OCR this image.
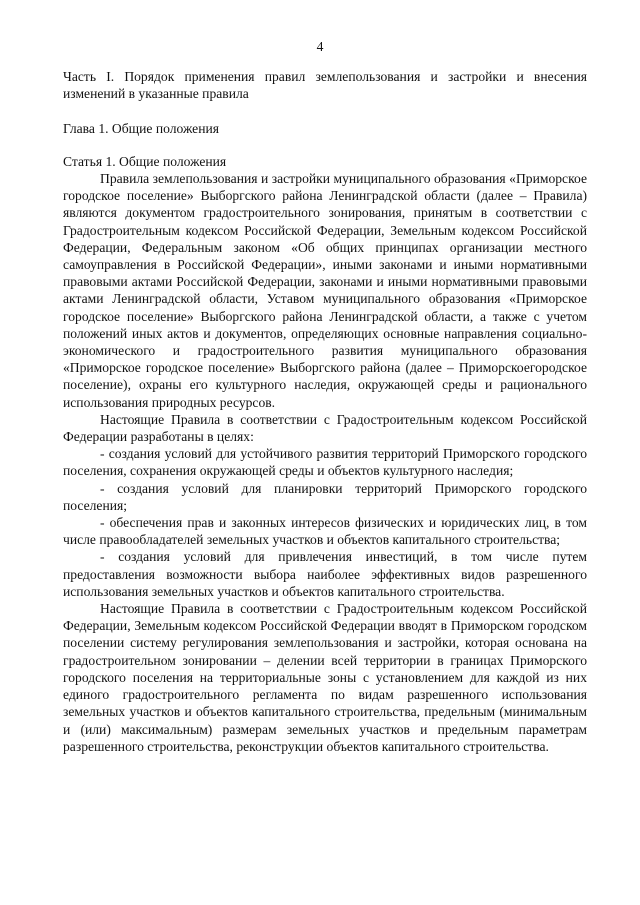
4
Часть I. Порядок применения правил землепользования и застройки и внесения изменений в указанные правила
Глава 1. Общие положения
Статья 1. Общие положения

Правила землепользования и застройки муниципального образования «Приморское городское поселение» Выборгского района Ленинградской области (далее – Правила) являются документом градостроительного зонирования, принятым в соответствии с Градостроительным кодексом Российской Федерации, Земельным кодексом Российской Федерации, Федеральным законом «Об общих принципах организации местного самоуправления в Российской Федерации», иными законами и иными нормативными правовыми актами Российской Федерации, законами и иными нормативными правовыми актами Ленинградской области, Уставом муниципального образования «Приморское городское поселение» Выборгского района Ленинградской области, а также с учетом положений иных актов и документов, определяющих основные направления социально-экономического и градостроительного развития муниципального образования «Приморское городское поселение» Выборгского района (далее – Приморскоегородское поселение), охраны его культурного наследия, окружающей среды и рационального использования природных ресурсов.

Настоящие Правила в соответствии с Градостроительным кодексом Российской Федерации разработаны в целях:

- создания условий для устойчивого развития территорий Приморского городского поселения, сохранения окружающей среды и объектов культурного наследия;

- создания условий для планировки территорий Приморского городского поселения;

- обеспечения прав и законных интересов физических и юридических лиц, в том числе правообладателей земельных участков и объектов капитального строительства;

- создания условий для привлечения инвестиций, в том числе путем предоставления возможности выбора наиболее эффективных видов разрешенного использования земельных участков и объектов капитального строительства.

Настоящие Правила в соответствии с Градостроительным кодексом Российской Федерации, Земельным кодексом Российской Федерации вводят в Приморском городском поселении систему регулирования землепользования и застройки, которая основана на градостроительном зонировании – делении всей территории в границах Приморского городского поселения на территориальные зоны с установлением для каждой из них единого градостроительного регламента по видам разрешенного использования земельных участков и объектов капитального строительства, предельным (минимальным и (или) максимальным) размерам земельных участков и предельным параметрам разрешенного строительства, реконструкции объектов капитального строительства.
